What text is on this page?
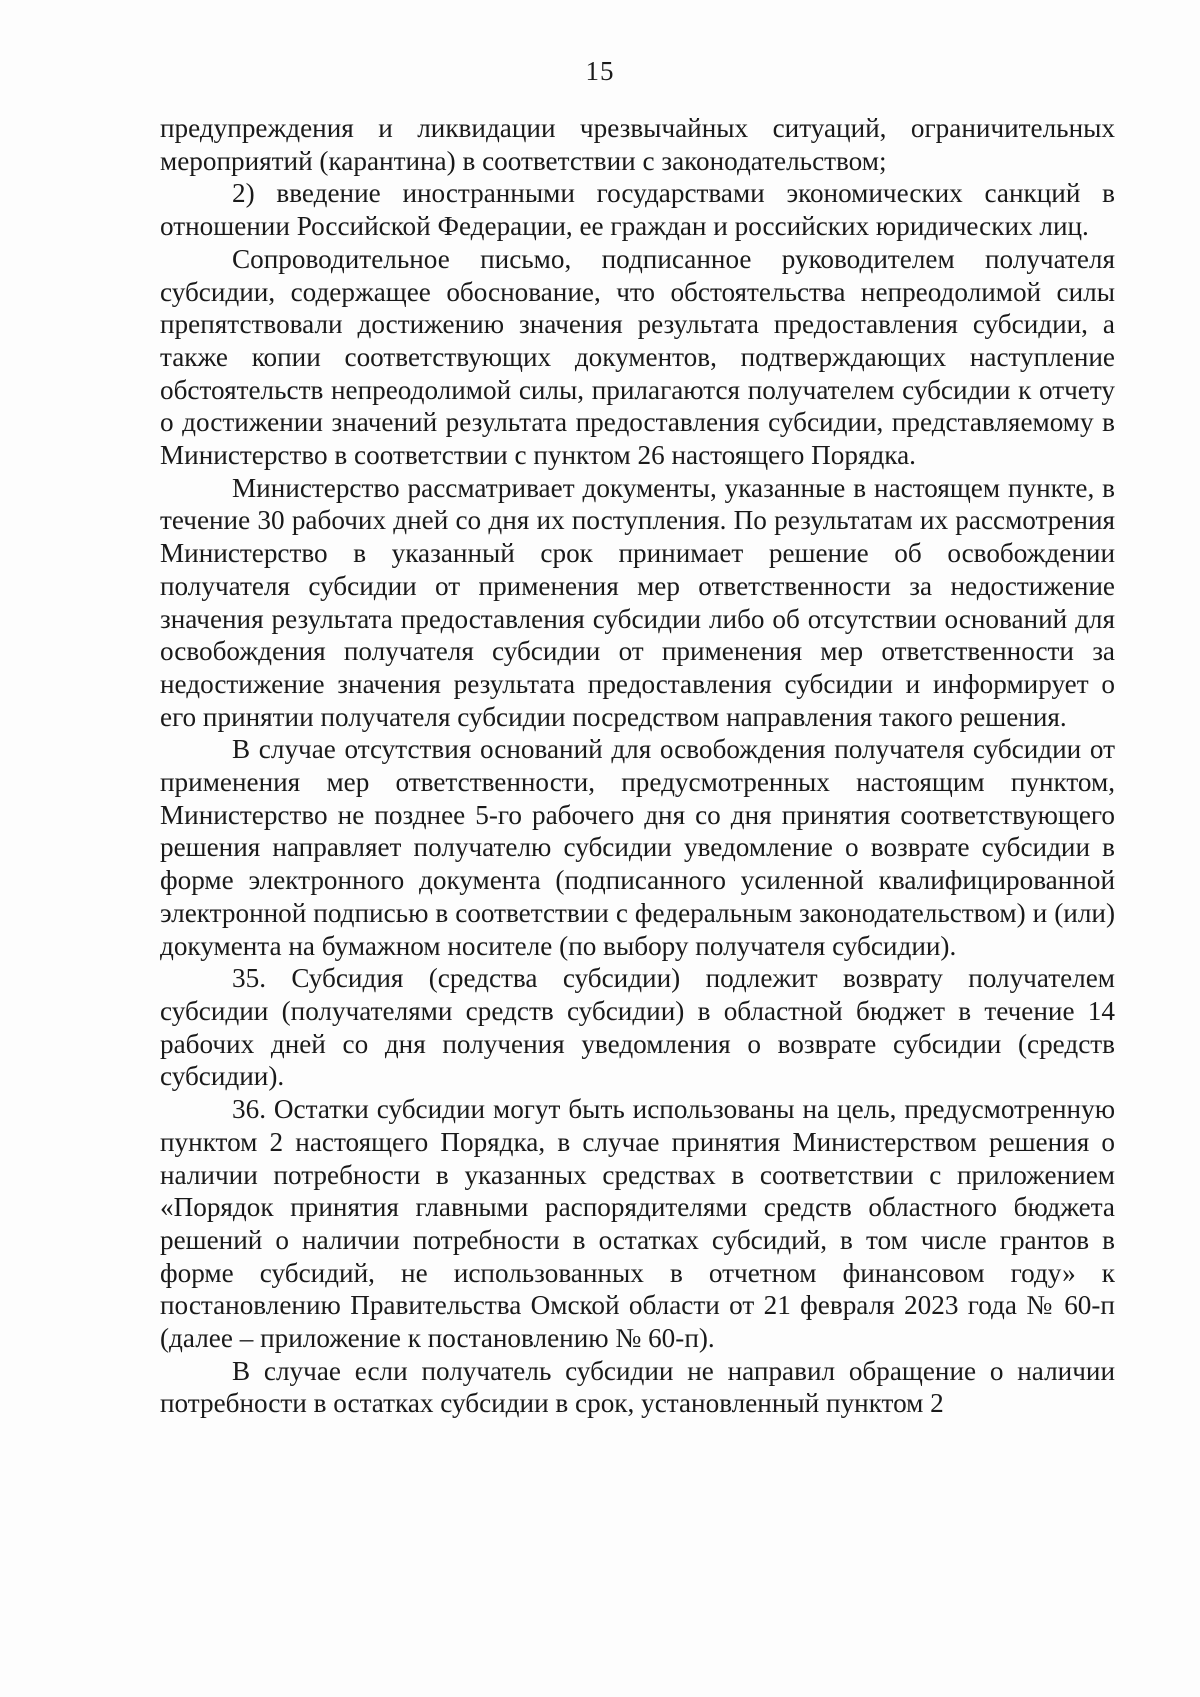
15

предупреждения и ликвидации чрезвычайных ситуаций, ограничительных мероприятий (карантина) в соответствии с законодательством;

2) введение иностранными государствами экономических санкций в отношении Российской Федерации, ее граждан и российских юридических лиц.

Сопроводительное письмо, подписанное руководителем получателя субсидии, содержащее обоснование, что обстоятельства непреодолимой силы препятствовали достижению значения результата предоставления субсидии, а также копии соответствующих документов, подтверждающих наступление обстоятельств непреодолимой силы, прилагаются получателем субсидии к отчету о достижении значений результата предоставления субсидии, представляемому в Министерство в соответствии с пунктом 26 настоящего Порядка.

Министерство рассматривает документы, указанные в настоящем пункте, в течение 30 рабочих дней со дня их поступления. По результатам их рассмотрения Министерство в указанный срок принимает решение об освобождении получателя субсидии от применения мер ответственности за недостижение значения результата предоставления субсидии либо об отсутствии оснований для освобождения получателя субсидии от применения мер ответственности за недостижение значения результата предоставления субсидии и информирует о его принятии получателя субсидии посредством направления такого решения.

В случае отсутствия оснований для освобождения получателя субсидии от применения мер ответственности, предусмотренных настоящим пунктом, Министерство не позднее 5-го рабочего дня со дня принятия соответствующего решения направляет получателю субсидии уведомление о возврате субсидии в форме электронного документа (подписанного усиленной квалифицированной электронной подписью в соответствии с федеральным законодательством) и (или) документа на бумажном носителе (по выбору получателя субсидии).

35. Субсидия (средства субсидии) подлежит возврату получателем субсидии (получателями средств субсидии) в областной бюджет в течение 14 рабочих дней со дня получения уведомления о возврате субсидии (средств субсидии).

36. Остатки субсидии могут быть использованы на цель, предусмотренную пунктом 2 настоящего Порядка, в случае принятия Министерством решения о наличии потребности в указанных средствах в соответствии с приложением «Порядок принятия главными распорядителями средств областного бюджета решений о наличии потребности в остатках субсидий, в том числе грантов в форме субсидий, не использованных в отчетном финансовом году» к постановлению Правительства Омской области от 21 февраля 2023 года № 60-п (далее – приложение к постановлению № 60-п).

В случае если получатель субсидии не направил обращение о наличии потребности в остатках субсидии в срок, установленный пунктом 2
